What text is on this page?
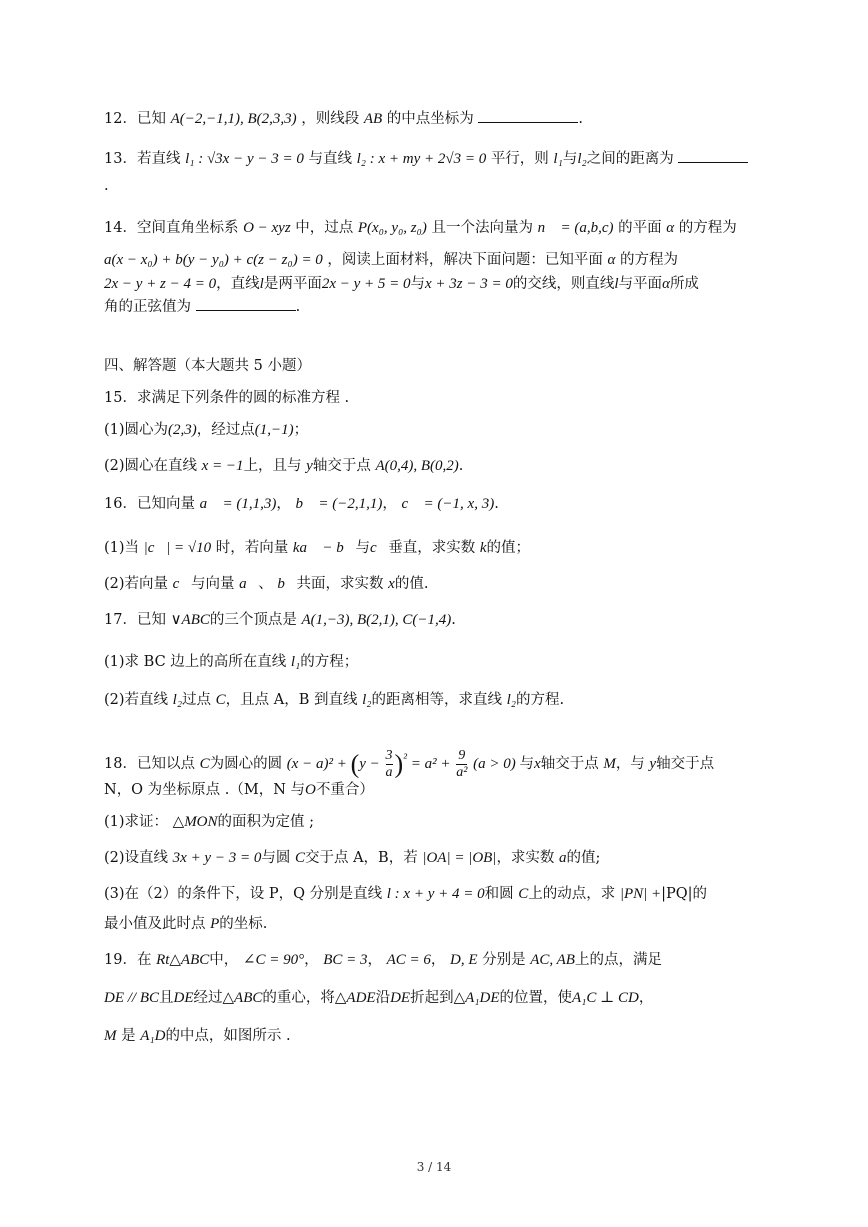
12．已知 A(−2,−1,1), B(2,3,3) ，则线段 AB 的中点坐标为	.
13．若直线 l₁ : √3x − y − 3 = 0 与直线 l₂ : x + my + 2√3 = 0 平行，则 l₁与l₂之间的距离为
.
14．空间直角坐标系 O − xyz 中，过点 P(x₀, y₀, z₀) 且一个法向量为 n⃗ = (a,b,c) 的平面 α 的方程为
a(x − x₀) + b(y − y₀) + c(z − z₀) = 0 ，阅读上面材料，解决下面问题：已知平面 α 的方程为
2x − y + z − 4 = 0，直线l是两平面2x − y + 5 = 0与x + 3z − 3 = 0的交线，则直线l与平面α所成
角的正弦值为	.
四、解答题（本大题共 5 小题）
15．求满足下列条件的圆的标准方程 .
(1)圆心为(2,3)，经过点(1,−1)；
(2)圆心在直线 x = −1上，且与 y轴交于点 A(0,4), B(0,2).
16．已知向量 a⃗ = (1,1,3)， b⃗ = (−2,1,1)， c⃗ = (−1, x, 3).
(1)当 |c⃗| = √10 时，若向量 ka⃗ − b⃗与c⃗垂直，求实数 k的值；
(2)若向量 c⃗与向量 a⃗、 b⃗共面，求实数 x的值.
17．已知 ∨ABC的三个顶点是 A(1,−3), B(2,1), C(−1,4).
(1)求 BC 边上的高所在直线 l₁的方程；
(2)若直线 l₂过点 C，且点 A，B 到直线 l₂的距离相等，求直线 l₂的方程.
18．已知以点 C为圆心的圆 $(x - a)^2 + (y - \frac{3}{a} )^{^2} = a^2 + \frac{9}{\text{a²}} (a > 0)$ 与x轴交于点 M，与 y轴交于点
N，O 为坐标原点 .（M，N 与O不重合）
(1)求证： △MON的面积为定值 ;
(2)设直线 3x + y − 3 = 0与圆 C交于点 A，B，若 |OA| = |OB|，求实数 a的值;
(3)在（2）的条件下，设 P，Q 分别是直线 l : x + y + 4 = 0和圆 C上的动点，求 |PN| +|PQ|的
最小值及此时点 P的坐标.
19．在 Rt△ABC中， ∠C = 90°， BC = 3， AC = 6， D, E 分别是 AC, AB上的点，满足
DE // BC且DE经过△ABC的重心，将△ADE沿DE折起到△A₁DE的位置，使A₁C ⊥ CD，
M 是 A₁D的中点，如图所示 .
3 / 14
